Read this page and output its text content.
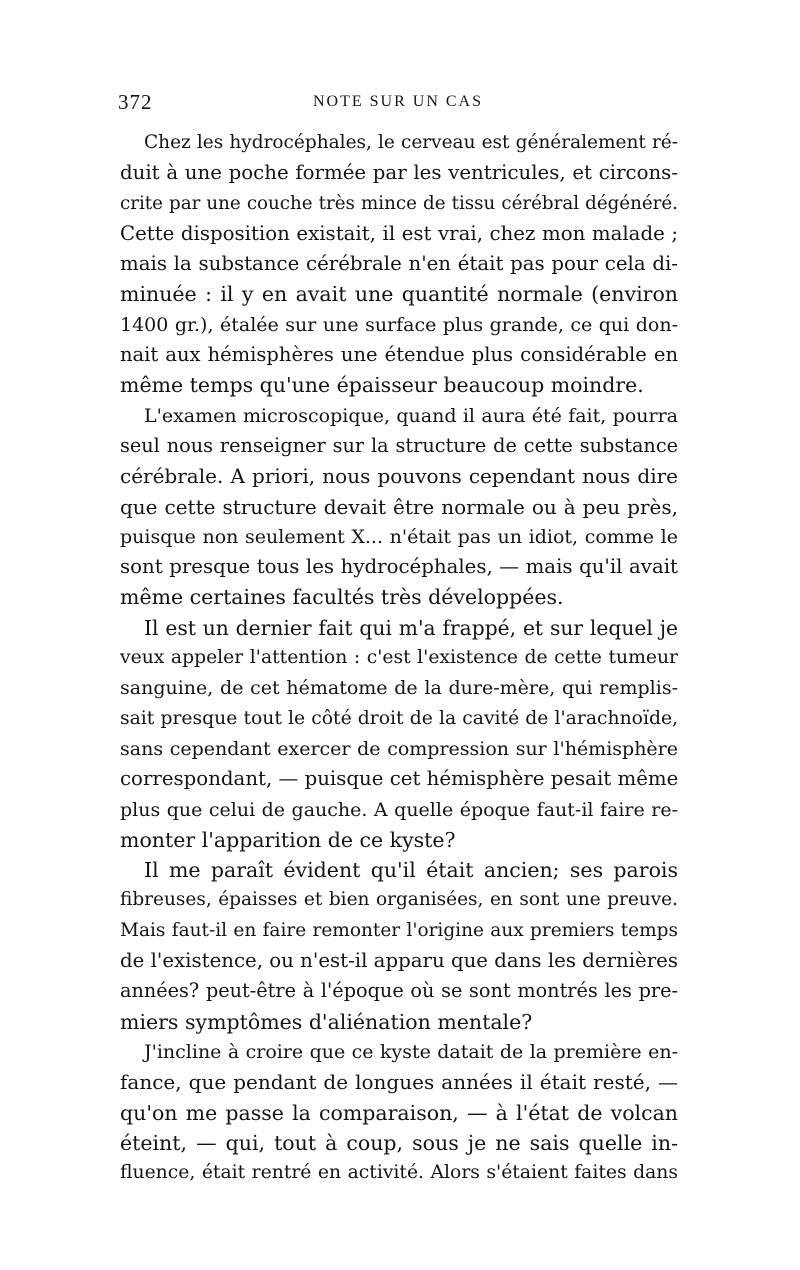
372	NOTE SUR UN CAS
Chez les hydrocéphales, le cerveau est généralement ré-
duit à une poche formée par les ventricules, et circons-
crite par une couche très mince de tissu cérébral dégénéré.
Cette disposition existait, il est vrai, chez mon malade ;
mais la substance cérébrale n'en était pas pour cela di-
minuée : il y en avait une quantité normale (environ
1400 gr.), étalée sur une surface plus grande, ce qui don-
nait aux hémisphères une étendue plus considérable en
même temps qu'une épaisseur beaucoup moindre.
L'examen microscopique, quand il aura été fait, pourra
seul nous renseigner sur la structure de cette substance
cérébrale. A priori, nous pouvons cependant nous dire
que cette structure devait être normale ou à peu près,
puisque non seulement X... n'était pas un idiot, comme le
sont presque tous les hydrocéphales, — mais qu'il avait
même certaines facultés très développées.
Il est un dernier fait qui m'a frappé, et sur lequel je
veux appeler l'attention : c'est l'existence de cette tumeur
sanguine, de cet hématome de la dure-mère, qui remplis-
sait presque tout le côté droit de la cavité de l'arachnoïde,
sans cependant exercer de compression sur l'hémisphère
correspondant, — puisque cet hémisphère pesait même
plus que celui de gauche. A quelle époque faut-il faire re-
monter l'apparition de ce kyste?
Il me paraît évident qu'il était ancien; ses parois
fibreuses, épaisses et bien organisées, en sont une preuve.
Mais faut-il en faire remonter l'origine aux premiers temps
de l'existence, ou n'est-il apparu que dans les dernières
années? peut-être à l'époque où se sont montrés les pre-
miers symptômes d'aliénation mentale?
J'incline à croire que ce kyste datait de la première en-
fance, que pendant de longues années il était resté, —
qu'on me passe la comparaison, — à l'état de volcan
éteint, — qui, tout à coup, sous je ne sais quelle in-
fluence, était rentré en activité. Alors s'étaient faites dans
